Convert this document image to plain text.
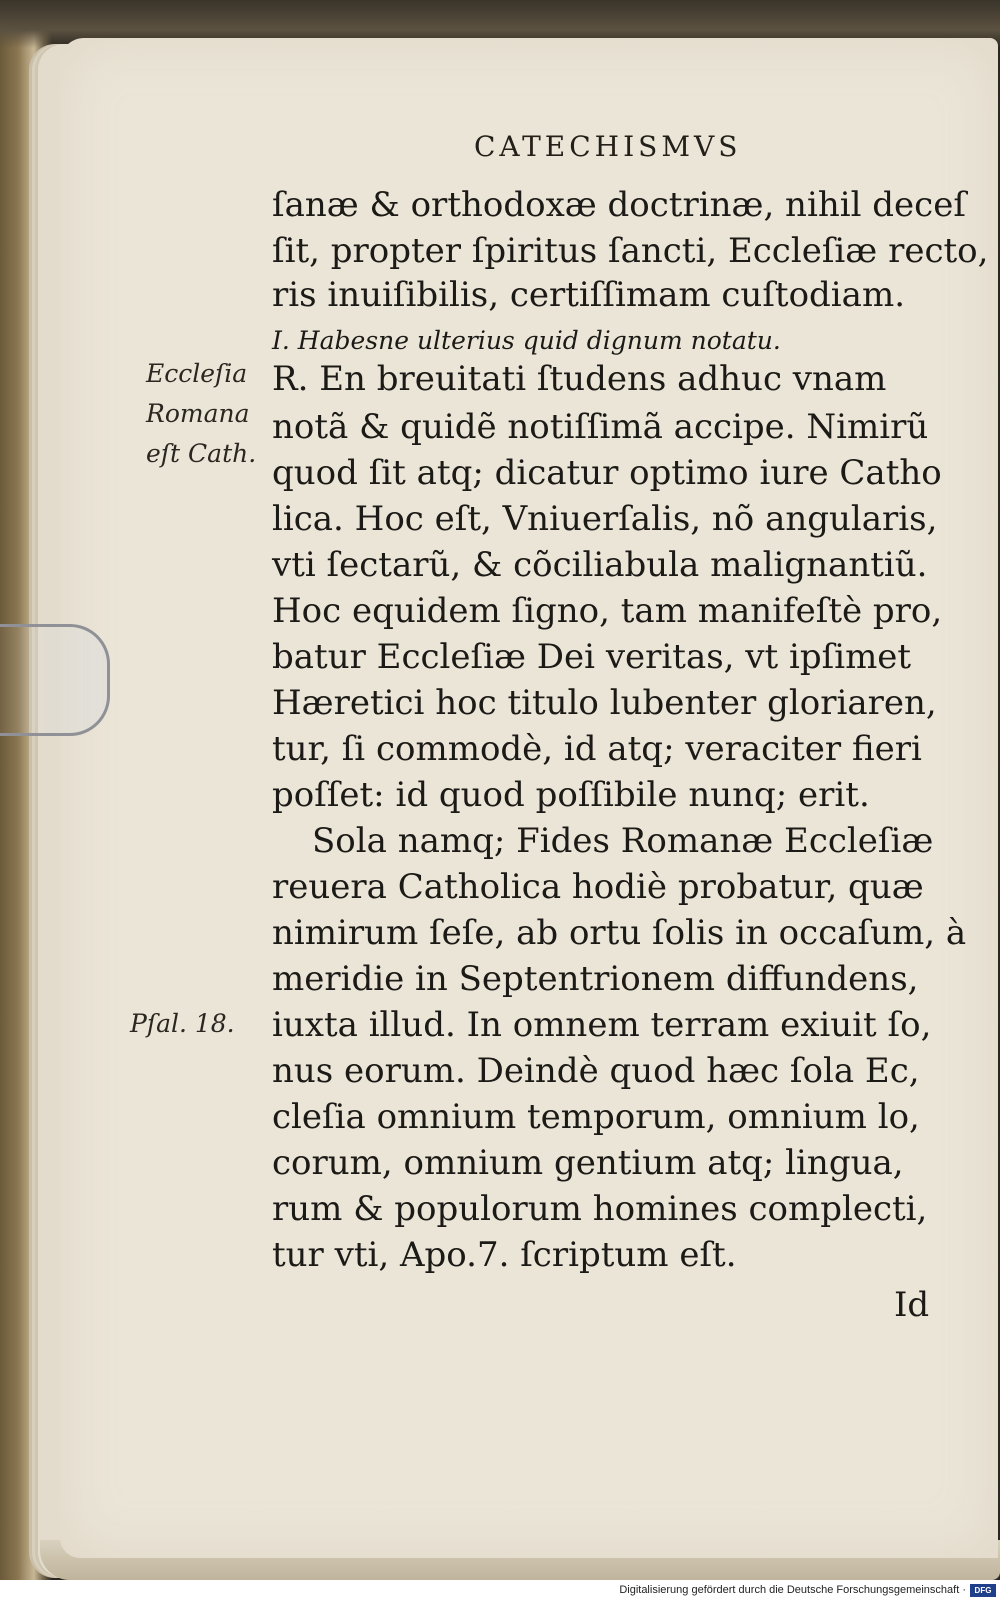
CATECHISMVS
ſanæ & orthodoxæ doctrinæ, nihil deceſ
ſit, propter ſpiritus ſancti, Eccleſiæ recto,
ris inuiſibilis, certiſſimam cuſtodiam.
I. Habesne ulterius quid dignum notatu.
R. En breuitati ſtudens adhuc vnam
notã & quidẽ notiſſimã accipe. Nimirũ
quod ſit atq; dicatur optimo iure Catho
lica. Hoc eſt, Vniuerſalis, nõ angularis,
vti ſectarũ, & cõciliabula malignantiũ.
Hoc equidem ſigno, tam manifeſtè pro,
batur Eccleſiæ Dei veritas, vt ipſimet
Hæretici hoc titulo lubenter gloriaren,
tur, ſi commodè, id atq; veraciter fieri
poſſet: id quod poſſibile nunq; erit.
Sola namq; Fides Romanæ Eccleſiæ
reuera Catholica hodiè probatur, quæ
nimirum ſeſe, ab ortu ſolis in occaſum, à
meridie in Septentrionem diffundens,
iuxta illud. In omnem terram exiuit ſo,
nus eorum. Deindè quod hæc ſola Ec,
cleſia omnium temporum, omnium lo,
corum, omnium gentium atq; lingua,
rum & populorum homines complecti,
tur vti, Apo.7. ſcriptum eſt.
Eccleſia
Romana
eſt Cath.
Pſal. 18.
Id
Digitalisierung gefördert durch die Deutsche Forschungsgemeinschaft ·	DFG
